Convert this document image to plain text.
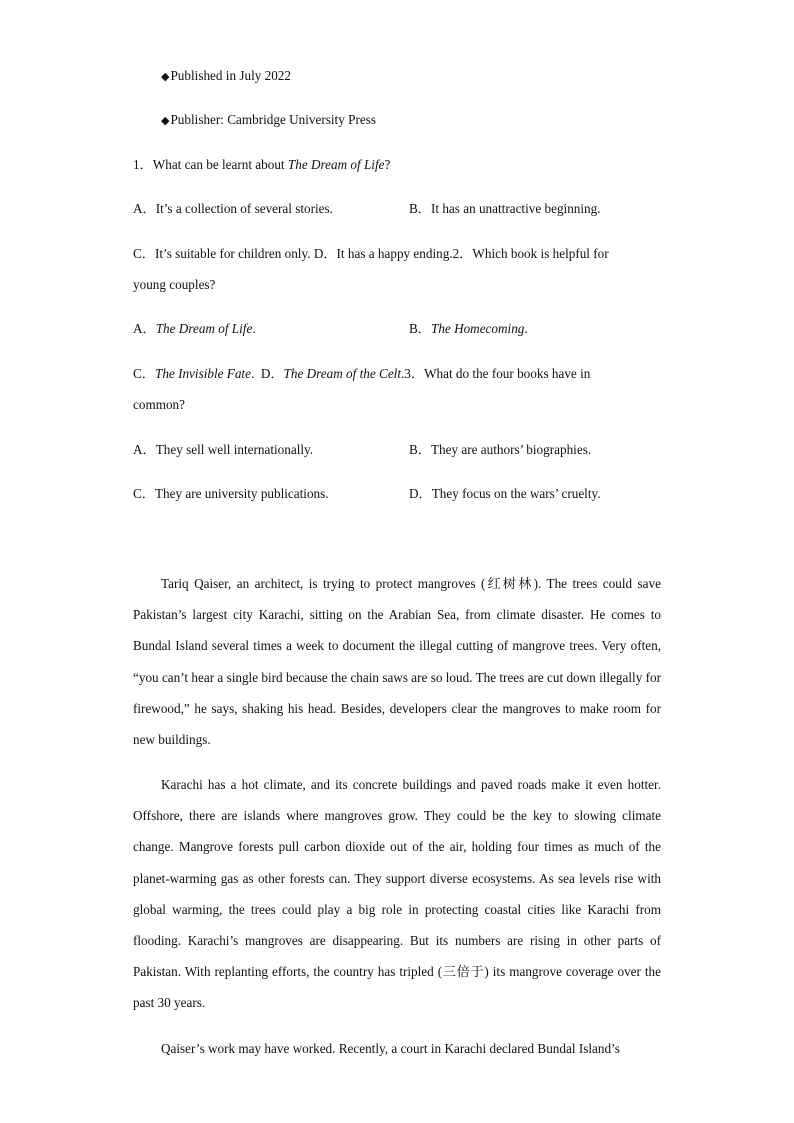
◆Published in July 2022
◆Publisher: Cambridge University Press
1．What can be learnt about The Dream of Life?
A．It’s a collection of several stories.	B．It has an unattractive beginning.
C．It’s suitable for children only. D．It has a happy ending.2．Which book is helpful for
young couples?
A．The Dream of Life.	B．The Homecoming.
C．The Invisible Fate. D．The Dream of the Celt.3．What do the four books have in
common?
A．They sell well internationally.	B．They are authors’ biographies.
C．They are university publications.	D．They focus on the wars’ cruelty.
Tariq Qaiser, an architect, is trying to protect mangroves (红树林). The trees could save Pakistan’s largest city Karachi, sitting on the Arabian Sea, from climate disaster. He comes to Bundal Island several times a week to document the illegal cutting of mangrove trees. Very often, “you can’t hear a single bird because the chain saws are so loud. The trees are cut down illegally for firewood,” he says, shaking his head. Besides, developers clear the mangroves to make room for new buildings.
Karachi has a hot climate, and its concrete buildings and paved roads make it even hotter. Offshore, there are islands where mangroves grow. They could be the key to slowing climate change. Mangrove forests pull carbon dioxide out of the air, holding four times as much of the planet-warming gas as other forests can. They support diverse ecosystems. As sea levels rise with global warming, the trees could play a big role in protecting coastal cities like Karachi from flooding. Karachi’s mangroves are disappearing. But its numbers are rising in other parts of Pakistan. With replanting efforts, the country has tripled (三倍于) its mangrove coverage over the past 30 years.
Qaiser’s work may have worked. Recently, a court in Karachi declared Bundal Island’s
